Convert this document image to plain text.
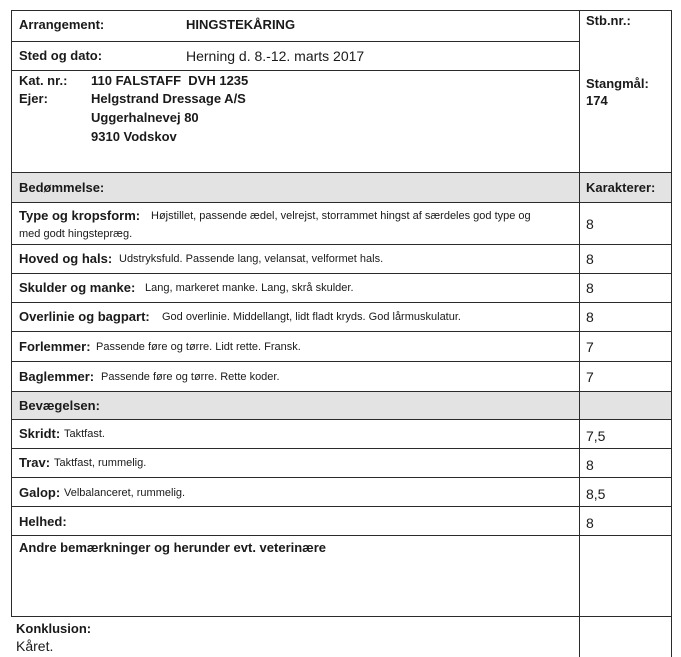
Arrangement:	HINGSTEKÅRING	Stb.nr.:
Sted og dato:	Herning d. 8.-12. marts 2017
Kat. nr.: 110 FALSTAFF  DVH 1235
Ejer:	Helgstrand Dressage A/S
Uggerhalnevej 80
9310 Vodskov
Stangmål:
174
Bedømmelse:	Karakterer:
Type og kropsform: Højstillet, passende ædel, velrejst, storrammet hingst af særdeles god type og
med godt hingstepræg.
8
Hoved og hals: Udstryksfuld. Passende lang, velansat, velformet hals.	8
Skulder og manke: Lang, markeret manke. Lang, skrå skulder.	8
Overlinie og bagpart: God overlinie. Middellangt, lidt fladt kryds. God lårmuskulatur.	8
Forlemmer: Passende føre og tørre. Lidt rette. Fransk.	7
Baglemmer: Passende føre og tørre. Rette koder.	7
Bevægelsen:
Skridt: Taktfast.	7,5
Trav: Taktfast, rummelig.	8
Galop: Velbalanceret, rummelig.	8,5
Helhed:	8
Andre bemærkninger og herunder evt. veterinære
Konklusion:
Kåret.
